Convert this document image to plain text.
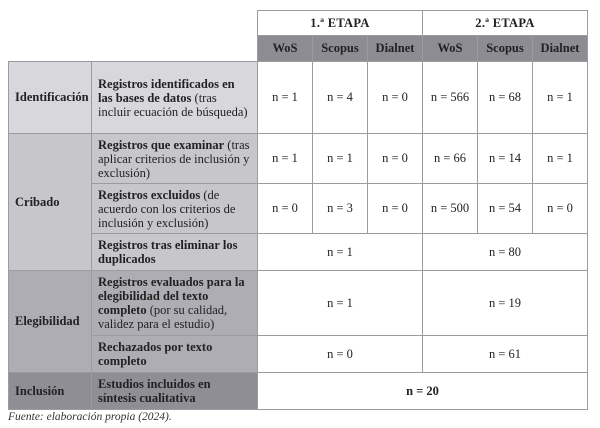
		1.ª ETAPA			2.ª ETAPA		
		WoS	Scopus	Dialnet	WoS	Scopus	Dialnet
Identificación	Registros identificados en las bases de datos (tras incluir ecuación de búsqueda)	n = 1	n = 4	n = 0	n = 566	n = 68	n = 1
Cribado	Registros que examinar (tras aplicar criterios de inclusión y exclusión)	n = 1	n = 1	n = 0	n = 66	n = 14	n = 1
	Registros excluidos (de acuerdo con los criterios de inclusión y exclusión)	n = 0	n = 3	n = 0	n = 500	n = 54	n = 0
	Registros tras eliminar los duplicados	n = 1			n = 80		
Elegibilidad	Registros evaluados para la elegibilidad del texto completo (por su calidad, validez para el estudio)	n = 1			n = 19		
	Rechazados por texto completo	n = 0			n = 61		
Inclusión	Estudios incluidos en síntesis cualitativa	n = 20					
Fuente: elaboración propia (2024).
